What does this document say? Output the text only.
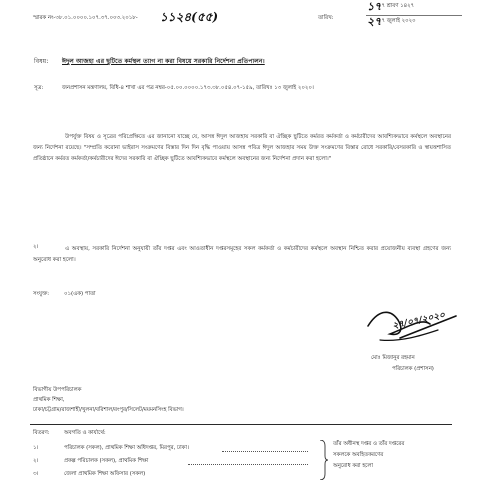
স্মারক নং-৩৮.০১.০০০০.১০৭.৩৭.০০৩.২০১৮- ১১২৪(৫৫)	তারিখ:
১৭ শ্রাবণ ১৪২৭
২৭ জুলাই ২০২০
১৭
২৭
বিষয়: ঈদুল আজহা এর ছুটিতে কর্মস্থল ত্যাগ না করা বিষয়ে সরকারি নির্দেশনা প্রতিপালন।
সূত্র:	জনপ্রশাসন মন্ত্রণালয়, বিধি-৪ শাখা এর পত্র নম্বর-০৫.০০.০০০০.১৭৩.৩৮.০৫৪.০৭-১৫৯, তারিখঃ ১৩ জুলাই ২০২০।
উপর্যুক্ত বিষয় ও সূত্রের পরিপ্রেক্ষিতে এর জানানো যাচ্ছে যে, আসন্ন ঈদুল আজহায় সরকারি বা ঐচ্ছিক ছুটিতে কর্মরত কর্মকর্তা ও কর্মচারীদের আবশ্যিকভাবে কর্মস্থলে অবস্থানের জন্য নির্দেশনা রয়েছে। "সম্প্রতি করোনা ভাইরাস সংক্রমণের বিস্তার দিন দিন বৃদ্ধি পাওয়ায় আসন্ন পবিত্র ঈদুল আজহার সময় উক্ত সংক্রমণের বিস্তার রোধে সরকারি/বেসরকারি ও স্বায়ত্তশাসিত প্রতিষ্ঠানে কর্মরত কর্মকর্তা/কর্মচারীদের ঈদের সরকারি বা ঐচ্ছিক ছুটিতে আবশ্যিকভাবে কর্মস্থলে অবস্থানের জন্য নির্দেশনা প্রদান করা হলো।"
২।	এ অবস্থায়, সরকারি নির্দেশনা অনুযায়ী তাঁর দপ্তর এবং আওতাধীন দপ্তরসমূহের সকল কর্মকর্তা ও কর্মচারীদের কর্মস্থলে অবস্থান নিশ্চিত করার প্রয়োজনীয় ব্যবস্থা গ্রহণের জন্য অনুরোধ করা হলো।
সংযুক্ত:	০১(এক) পাতা
২৭/০৭/২০২০
মোঃ মিজানুর রহমান
পরিচালক (প্রশাসন)
বিভাগীয় উপপরিচালক
প্রাথমিক শিক্ষা,
ঢাকা/চট্টগ্রাম/রাজশাহী/খুলনা/বরিশাল/রংপুর/সিলেট/ময়মনসিংহ বিভাগ।
বিতরণ:	অবগতি ও কার্যার্থে:
১।	পরিচালক (সকল), প্রাথমিক শিক্ষা অধিদপ্তর, মিরপুর, ঢাকা।
২।	প্রকল্প পরিচালক (সকল), প্রাথমিক শিক্ষা
৩।	জেলা প্রাথমিক শিক্ষা অফিসার (সকল)
তাঁর অধীনস্থ দপ্তর ও তাঁর দপ্তরের
সকলকে অবহিতকরণের
অনুরোধ করা হলো
